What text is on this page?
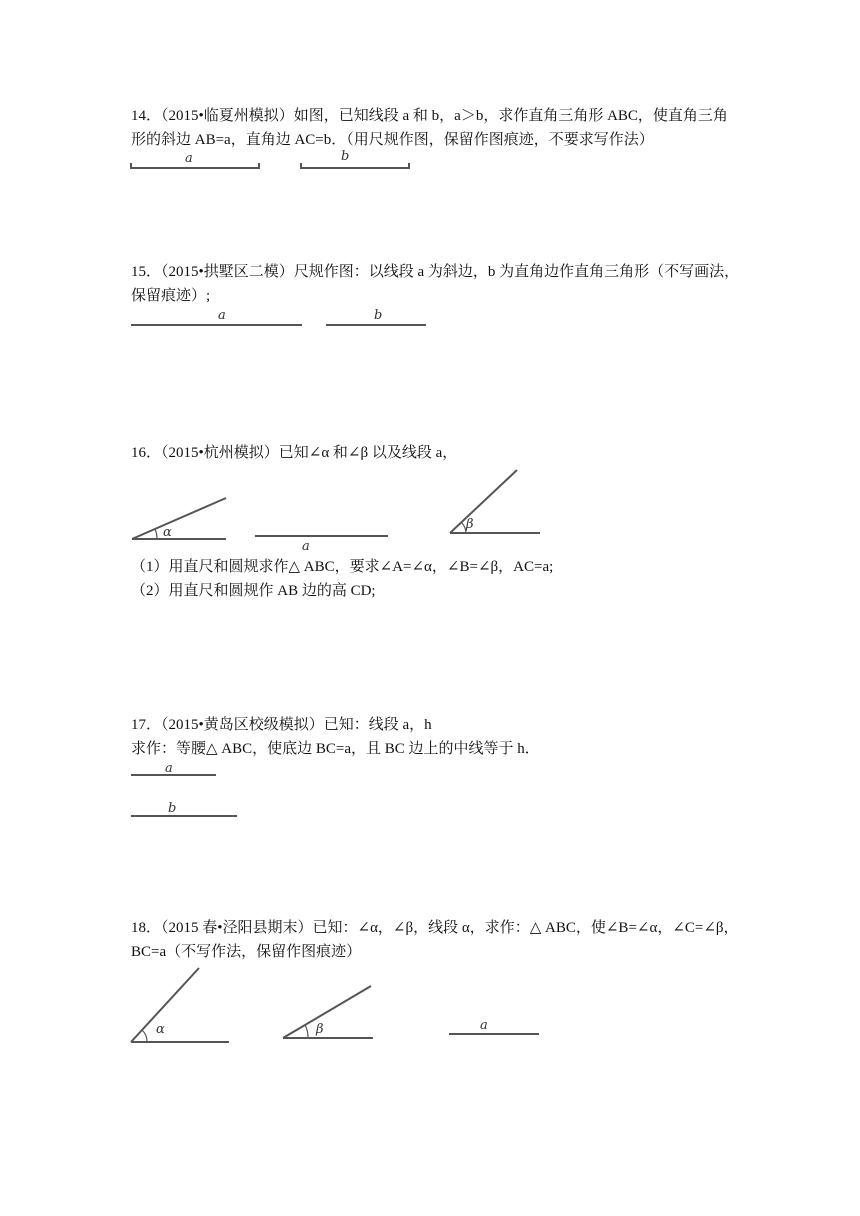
14．（2015•临夏州模拟）如图，已知线段 a 和 b，a＞b，求作直角三角形 ABC，使直角三角
形的斜边 AB=a，直角边 AC=b．（用尺规作图，保留作图痕迹，不要求写作法）
a	b
15．（2015•拱墅区二模）尺规作图：以线段 a 为斜边，b 为直角边作直角三角形（不写画法，
保留痕迹）;
a	b
16．（2015•杭州模拟）已知∠α 和∠β 以及线段 a，
α
a
β
（1）用直尺和圆规求作△ ABC，要求∠A=∠α，∠B=∠β，AC=a;
（2）用直尺和圆规作 AB 边的高 CD;
17．（2015•黄岛区校级模拟）已知：线段 a，h
求作：等腰△ ABC，使底边 BC=a，且 BC 边上的中线等于 h．
a
b
18．（2015 春•泾阳县期末）已知：∠α，∠β，线段 α，求作：△ ABC，使∠B=∠α，∠C=∠β，
BC=a（不写作法，保留作图痕迹）
α	β	a
